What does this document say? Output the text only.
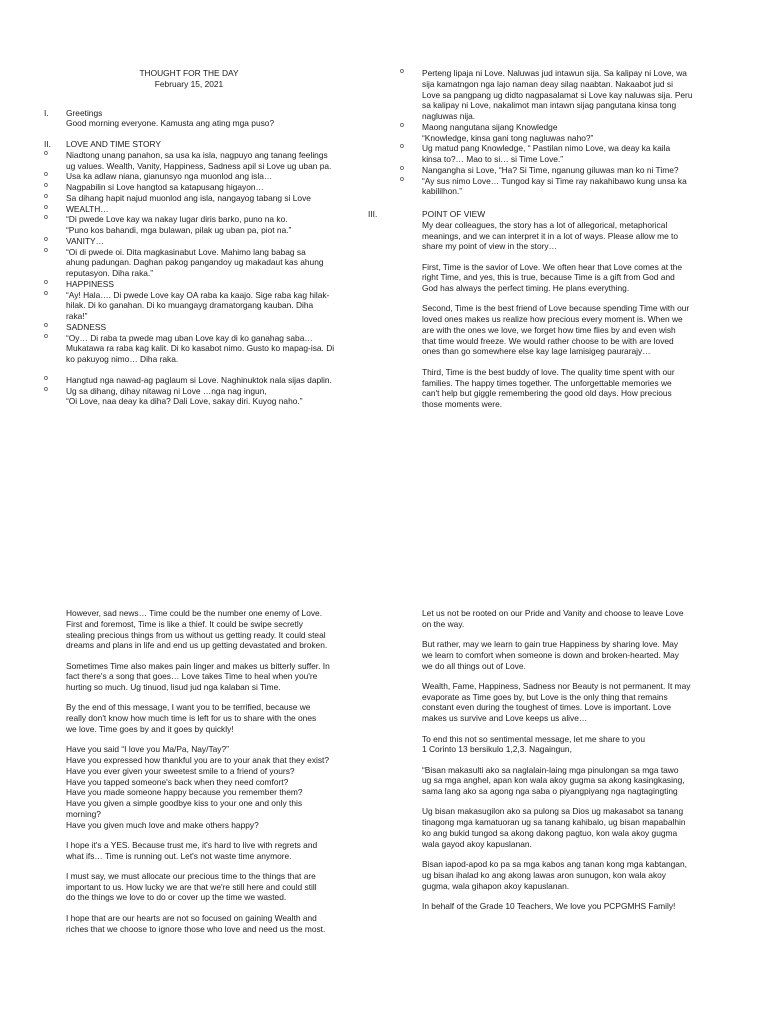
THOUGHT FOR THE DAY

February 15, 2021

I. Greetings

Good morning everyone. Kamusta ang ating mga puso?

II. LOVE AND TIME STORY

o Niadtong unang panahon, sa usa ka isla, nagpuyo ang tanang feelings
ug values. Wealth, Vanity, Happiness, Sadness apil si Love ug uban pa.
o Usa ka adlaw niana, gianunsyo nga muonlod ang isla…
o Nagpabilin si Love hangtod sa katapusang higayon…
o Sa dihang hapit najud muonlod ang isla, nangayog tabang si Love
o WEALTH…
o “Di pwede Love kay wa nakay lugar diris barko, puno na ko.
“Puno kos bahandi, mga bulawan, pilak ug uban pa, piot na.”
o VANITY…
o “Oi di pwede oi. Dita magkasinabut Love. Mahimo lang babag sa
ahung padungan. Daghan pakog pangandoy ug makadaut kas ahung
reputasyon. Diha raka.”
o HAPPINESS
o “Ay! Hala…. Di pwede Love kay OA raba ka kaajo. Sige raba kag hilak-
hilak. Di ko ganahan. Di ko muangayg dramatorgang kauban. Diha
raka!”
o SADNESS
o “Oy… Di raba ta pwede mag uban Love kay di ko ganahag saba…
Mukatawa ra raba kag kalit. Di ko kasabot nimo. Gusto ko mapag-isa. Di
ko pakuyog nimo… Diha raka.
o Hangtud nga nawad-ag paglaum si Love. Naghinuktok nala sijas daplin.
o Ug sa dihang, dihay nitawag ni Love …nga nag ingun,
“Oi Love, naa deay ka diha? Dali Love, sakay diri. Kuyog naho.”
o Perteng lipaja ni Love. Naluwas jud intawun sija. Sa kalipay ni Love, wa
sija kamatngon nga lajo naman deay silag naabtan. Nakaabot jud si
Love sa pangpang ug didto nagpasalamat si Love kay naluwas sija. Peru
sa kalipay ni Love, nakalimot man intawn sijag pangutana kinsa tong
nagluwas nija.
o Maong nangutana sijang Knowledge
“Knowledge, kinsa gani tong nagluwas naho?”
o Ug matud pang Knowledge, “ Pastilan nimo Love, wa deay ka kaila
kinsa to?… Mao to si… si Time Love.”
o Nangangha si Love, “Ha? Si Time, nganung giluwas man ko ni Time?
o “Ay sus nimo Love… Tungod kay si Time ray nakahibawo kung unsa ka
kabililhon.”
III.	POINT OF VIEW

My dear colleagues, the story has a lot of allegorical, metaphorical
meanings, and we can interpret it in a lot of ways. Please allow me to
share my point of view in the story…

First, Time is the savior of Love. We often hear that Love comes at the
right Time, and yes, this is true, because Time is a gift from God and
God has always the perfect timing. He plans everything.

Second, Time is the best friend of Love because spending Time with our
loved ones makes us realize how precious every moment is. When we
are with the ones we love, we forget how time flies by and even wish
that time would freeze. We would rather choose to be with are loved
ones than go somewhere else kay lage lamisigeg paurarajy…

Third, Time is the best buddy of love. The quality time spent with our
families. The happy times together. The unforgettable memories we
can't help but giggle remembering the good old days. How precious
those moments were.

However, sad news… Time could be the number one enemy of Love.
First and foremost, Time is like a thief. It could be swipe secretly
stealing precious things from us without us getting ready. It could steal
dreams and plans in life and end us up getting devastated and broken.

Sometimes Time also makes pain linger and makes us bitterly suffer. In
fact there's a song that goes… Love takes Time to heal when you're
hurting so much. Ug tinuod, lisud jud nga kalaban si Time.

By the end of this message, I want you to be terrified, because we
really don't know how much time is left for us to share with the ones
we love. Time goes by and it goes by quickly!

Have you said “I love you Ma/Pa, Nay/Tay?”
Have you expressed how thankful you are to your anak that they exist?
Have you ever given your sweetest smile to a friend of yours?
Have you tapped someone's back when they need comfort?
Have you made someone happy because you remember them?
Have you given a simple goodbye kiss to your one and only this
morning?
Have you given much love and make others happy?

I hope it's a YES. Because trust me, it's hard to live with regrets and
what ifs… Time is running out. Let's not waste time anymore.

I must say, we must allocate our precious time to the things that are
important to us. How lucky we are that we're still here and could still
do the things we love to do or cover up the time we wasted.

I hope that are our hearts are not so focused on gaining Wealth and
riches that we choose to ignore those who love and need us the most.

Let us not be rooted on our Pride and Vanity and choose to leave Love
on the way.

But rather, may we learn to gain true Happiness by sharing love. May
we learn to comfort when someone is down and broken-hearted. May
we do all things out of Love.

Wealth, Fame, Happiness, Sadness nor Beauty is not permanent. It may
evaporate as Time goes by, but Love is the only thing that remains
constant even during the toughest of times. Love is important. Love
makes us survive and Love keeps us alive…

To end this not so sentimental message, let me share to you
1 Corinto 13 bersikulo 1,2,3. Nagaingun,

“Bisan makasulti ako sa naglalain-laing mga pinulongan sa mga tawo
ug sa mga anghel, apan kon wala akoy gugma sa akong kasingkasing,
sama lang ako sa agong nga saba o piyangpiyang nga nagtagingting

Ug bisan makasugilon ako sa pulong sa Dios ug makasabot sa tanang
tinagong mga kamatuoran ug sa tanang kahibalo, ug bisan mapabalhin
ko ang bukid tungod sa akong dakong pagtuo, kon wala akoy gugma
wala gayod akoy kapuslanan.

Bisan iapod-apod ko pa sa mga kabos ang tanan kong mga kabtangan,
ug bisan ihalad ko ang akong lawas aron sunugon, kon wala akoy
gugma, wala gihapon akoy kapuslanan.

In behalf of the Grade 10 Teachers, We love you PCPGMHS Family!
